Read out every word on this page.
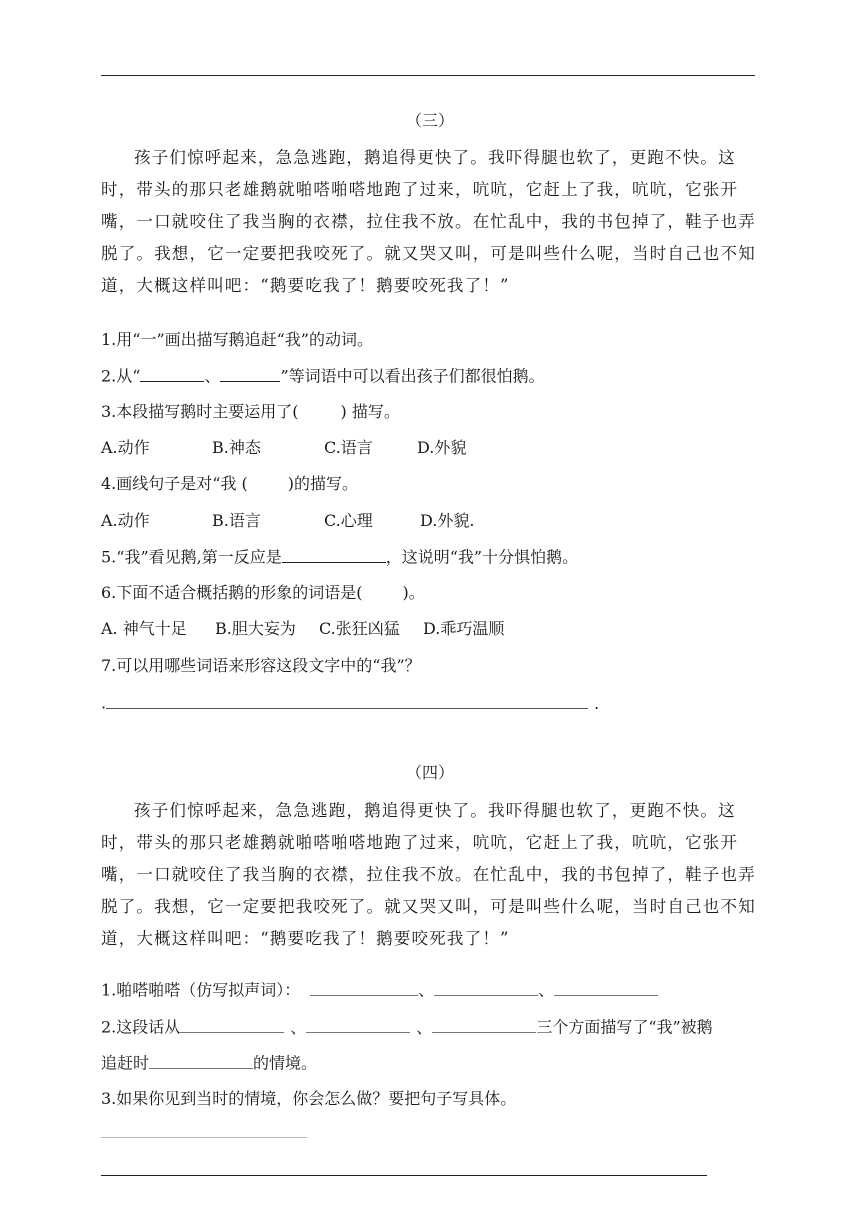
（三）

孩子们惊呼起来，急急逃跑，鹅追得更快了。我吓得腿也软了，更跑不快。这时，带头的那只老雄鹅就啪嗒啪嗒地跑了过来，吭吭，它赶上了我，吭吭，它张开嘴，一口就咬住了我当胸的衣襟，拉住我不放。在忙乱中，我的书包掉了，鞋子也弄脱了。我想，它一定要把我咬死了。就又哭又叫，可是叫些什么呢，当时自己也不知道，大概这样叫吧：“鹅要吃我了！鹅要咬死我了！”

1.用“一”画出描写鹅追赶“我”的动词。
2.从“	、	”等词语中可以看出孩子们都很怕鹅。
3.本段描写鹅时主要运用了(	) 描写。
A.动作	B.神态	C.语言	D.外貌
4.画线句子是对“我 (	)的描写。
A.动作	B.语言	C.心理	D.外貌.
5.“我”看见鹅,第一反应是	，这说明“我”十分惧怕鹅。
6.下面不适合概括鹅的形象的词语是(	)。
A. 神气十足 B.胆大妄为 C.张狂凶猛 D.乖巧温顺
7.可以用哪些词语来形容这段文字中的“我”？
.	.
（四）

孩子们惊呼起来，急急逃跑，鹅追得更快了。我吓得腿也软了，更跑不快。这时，带头的那只老雄鹅就啪嗒啪嗒地跑了过来，吭吭，它赶上了我，吭吭，它张开嘴，一口就咬住了我当胸的衣襟，拉住我不放。在忙乱中，我的书包掉了，鞋子也弄脱了。我想，它一定要把我咬死了。就又哭又叫，可是叫些什么呢，当时自己也不知道，大概这样叫吧：“鹅要吃我了！鹅要咬死我了！”

1.啪嗒啪嗒（仿写拟声词）：	、	、
2.这段话从	、	、	三个方面描写了“我”被鹅
追赶时	的情境。
3.如果你见到当时的情境，你会怎么做？要把句子写具体。
